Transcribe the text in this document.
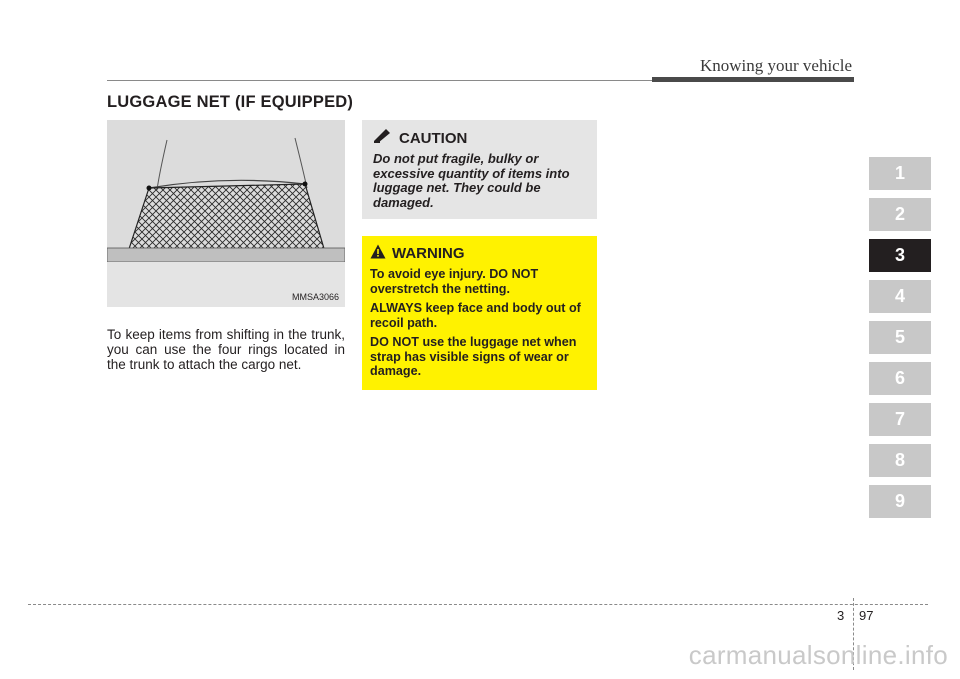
Knowing your vehicle
LUGGAGE NET (IF EQUIPPED)
MMSA3066

To keep items from shifting in the trunk, you can use the four rings located in the trunk to attach the cargo net.

CAUTION
Do not put fragile, bulky or excessive quantity of items into luggage net. They could be damaged.
WARNING

To avoid eye injury. DO NOT overstretch the netting.

ALWAYS keep face and body out of recoil path.

DO NOT use the luggage net when strap has visible signs of wear or damage.

1
2
3
4
5
6
7
8
9
3 97
carmanualsonline.info
